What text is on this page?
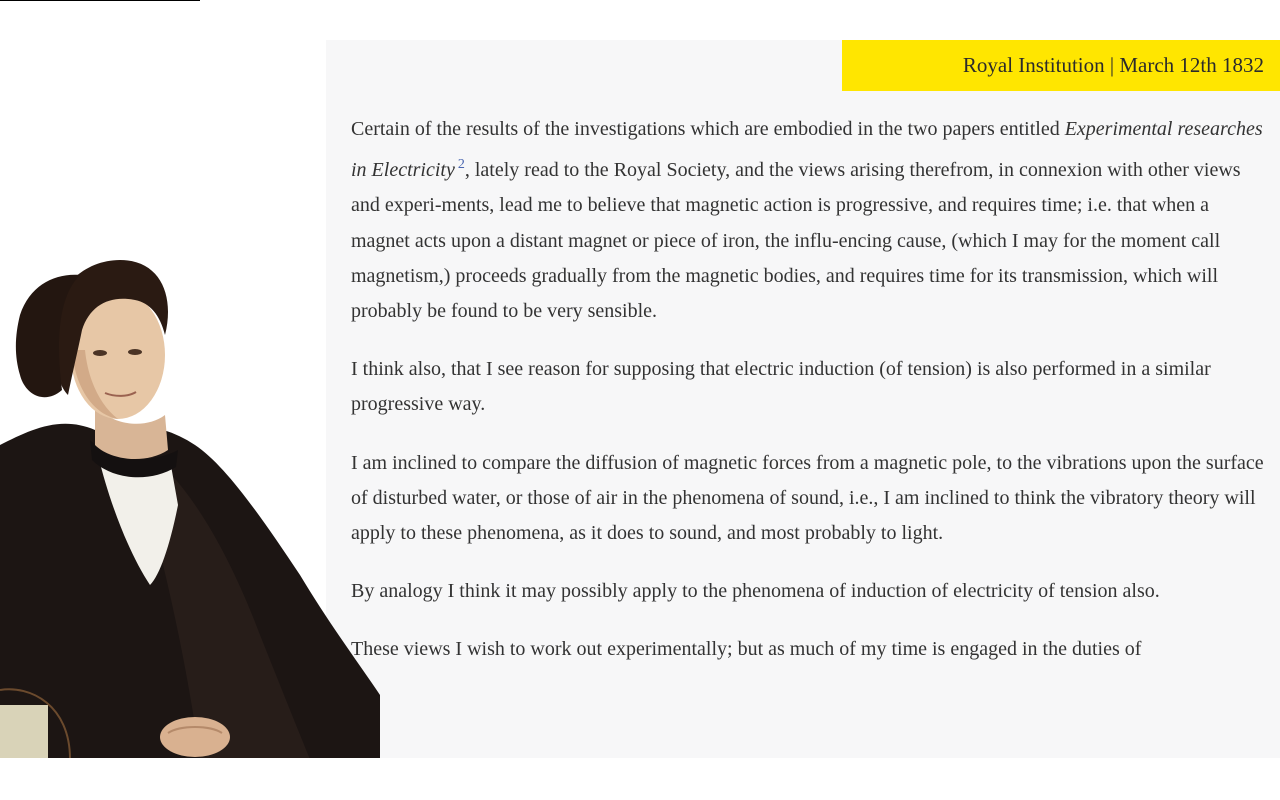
Royal Institution | March 12th 1832

Certain of the results of the investigations which are embodied in the two papers entitled Experimental researches in Electricity $^2$, lately read to the Royal Society, and the views arising therefrom, in connexion with other views and experi-ments, lead me to believe that magnetic action is progressive, and requires time; i.e. that when a magnet acts upon a distant magnet or piece of iron, the influ-encing cause, (which I may for the moment call magnetism,) proceeds gradually from the magnetic bodies, and requires time for its transmission, which will probably be found to be very sensible.

I think also, that I see reason for supposing that electric induction (of tension) is also performed in a similar progressive way.

I am inclined to compare the diffusion of magnetic forces from a magnetic pole, to the vibrations upon the surface of disturbed water, or those of air in the phenomena of sound, i.e., I am inclined to think the vibratory theory will apply to these phenomena, as it does to sound, and most probably to light.

By analogy I think it may possibly apply to the phenomena of induction of electricity of tension also.

These views I wish to work out experimentally; but as much of my time is engaged in the duties of
